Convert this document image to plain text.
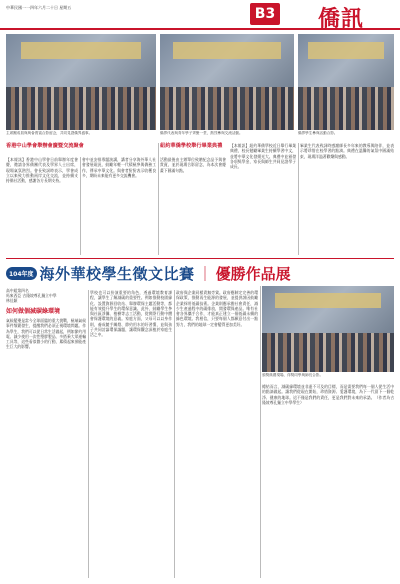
中華民國一一四年六月二十日 星期五	B3 僑訊
主席團成員與與會貴賓合影留念，共同見證僑界盛事。	僑界代表與青年學子齊聚一堂，熱烈參與交流活動。	僑界學生參與活動合影。
香港中山學會舉辦會慶暨交流聚會	紐約華僑學校舉行畢業典禮
【本報訊】香港中山學會日前舉辦年度會慶，邀請各界僑團代表及學界人士出席，現場氣氛熱烈。會長致詞時表示，學會成立以來致力推動兩岸文化交流，並持續支持僑社活動，感謝各方長期支持。
會中並安排專題演講，講者分享海外華人社會發展現況，鼓勵年輕一代積極參與僑務工作，傳承中華文化。與會者紛紛表示收穫良多，期盼未來能有更多交流機會。
活動最後由主辦單位致贈紀念品予與會貴賓，並於現場合影留念，為本次會慶畫下圓滿句點。
【本報訊】紐約華僑學校近日舉行畢業典禮，校長勉勵畢業生持續學習中文，並將中華文化發揚光大。典禮中並頒發各項獎學金，家長與師生共同見證學子成長。
畢業生代表致詞時感謝師長多年來的教導與陪伴，並表示將珍惜在校學習的點滴。典禮在溫馨的氣氛中圓滿結束，現場洋溢著歡樂與感動。
104年度 海外華校學生徵文比賽 ｜ 優勝作品展
高中組第四名
馬來西亞 吉隆坡尊孔獨立中學
林佳穎
如何做個減碳綠環境
氣候變遷是當今全球面臨的重大挑戰，極端氣候事件頻繁發生，提醒我們必須正視環境問題。作為學生，我們可以從日常生活做起，例如節約用電、減少使用一次性塑膠製品、多搭乘大眾運輸工具等，這些看似微小的行動，累積起來卻能產生巨大的影響。
學校也可以扮演重要的角色，透過環境教育課程，讓學生了解減碳的重要性。例如推動校園綠化、設置資源回收站、舉辦環保主題活動等，都能有效提升學生的環保意識。此外，鼓勵學生參與社區淨灘、植樹等志工活動，從實際行動中體會保護環境的意義。家庭方面，父母可以以身作則，養成隨手關燈、節約用水的好習慣，並與孩子共同討論環保議題，讓環保觀念深植於家庭生活之中。
政府與企業同樣責無旁貸。政府應制定完善的環保政策，推動再生能源的發展，並提供誘因鼓勵企業採用低碳技術。企業則應承擔社會責任，減少生產過程中的碳排放，開發環保產品。唯有社會各界攜手合作，才能真正建立一個低碳永續的綠色環境。我相信，只要每個人都願意付出一點努力，我們的地球一定會變得更加美好。
頒獎典禮現場，得獎同學與師長合影。
總結而言，減碳綠環境並非遙不可及的目標，而是需要我們每一個人從生活中的點滴做起。讓我們從現在開始，珍惜資源、愛護環境，為下一代留下一個乾淨、健康的地球。這不僅是我們的責任，更是我們對未來的承諾。（作者為吉隆坡尊孔獨立中學學生）
